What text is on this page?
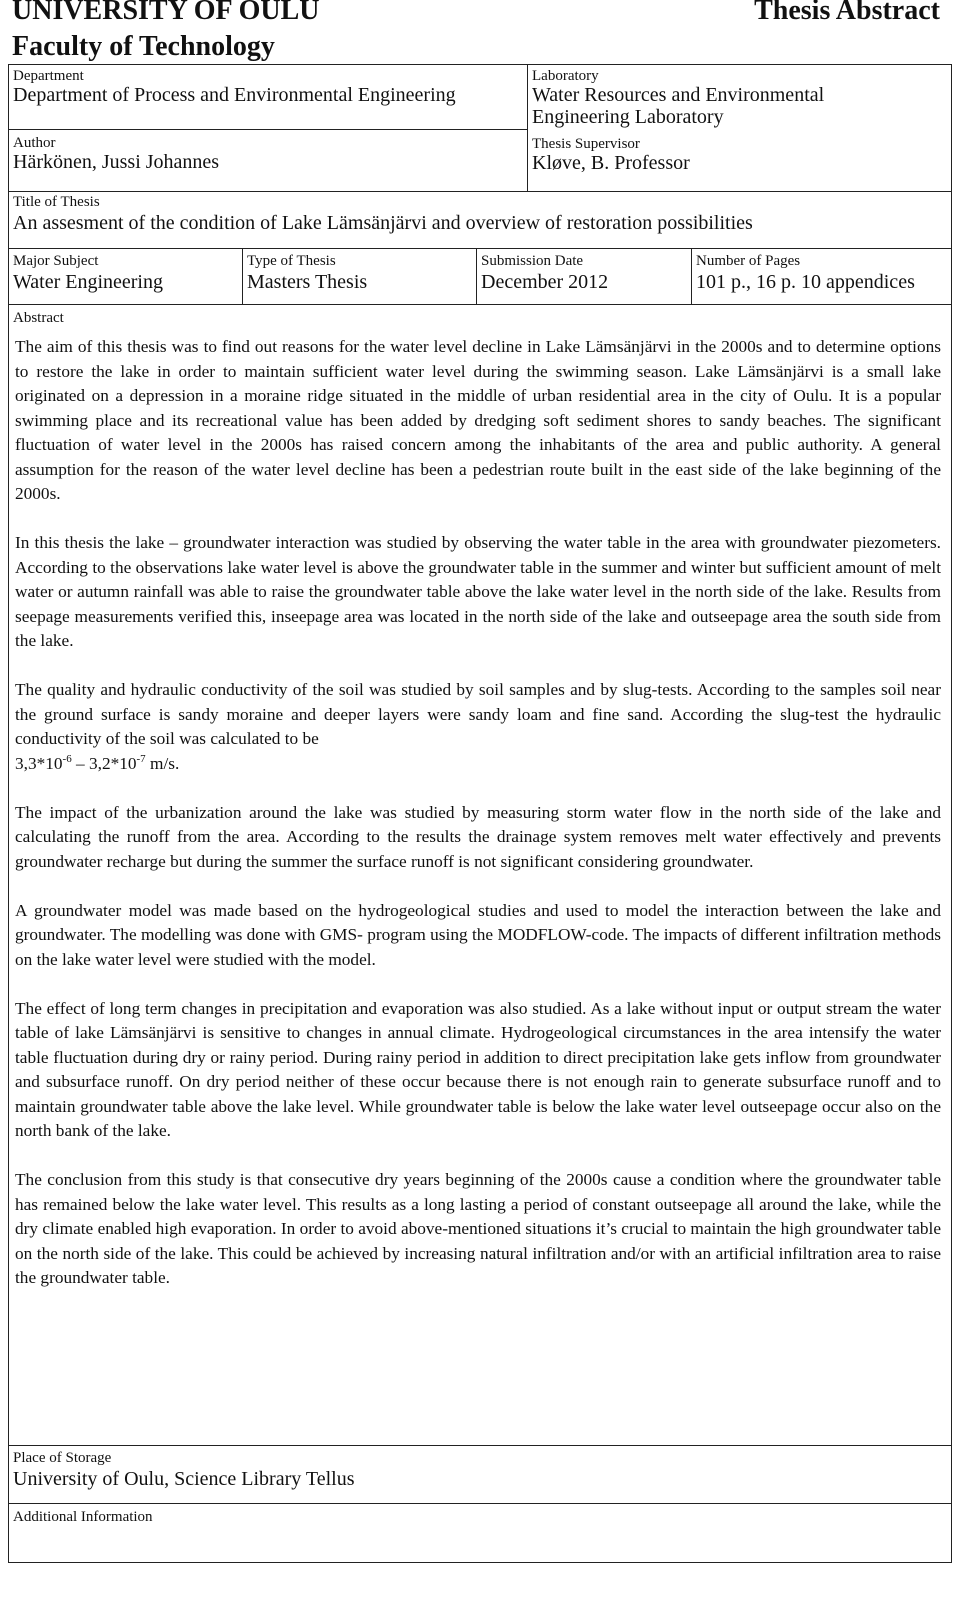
UNIVERSITY OF OULU
Faculty of Technology
Thesis Abstract
Department
Department of Process and Environmental Engineering
Author
Härkönen, Jussi Johannes
Laboratory
Water Resources and Environmental
Engineering Laboratory
Thesis Supervisor
Kløve, B. Professor
Title of Thesis
An assesment of the condition of Lake Lämsänjärvi and overview of restoration possibilities
Major Subject
Water Engineering
Type of Thesis
Masters Thesis
Submission Date
December 2012
Number of Pages
101 p., 16 p. 10 appendices
Abstract

The aim of this thesis was to find out reasons for the water level decline in Lake Lämsänjärvi in the 2000s and to determine options to restore the lake in order to maintain sufficient water level during the swimming season. Lake Lämsänjärvi is a small lake originated on a depression in a moraine ridge situated in the middle of urban residential area in the city of Oulu. It is a popular swimming place and its recreational value has been added by dredging soft sediment shores to sandy beaches. The significant fluctuation of water level in the 2000s has raised concern among the inhabitants of the area and public authority. A general assumption for the reason of the water level decline has been a pedestrian route built in the east side of the lake beginning of the 2000s.

In this thesis the lake – groundwater interaction was studied by observing the water table in the area with groundwater piezometers. According to the observations lake water level is above the groundwater table in the summer and winter but sufficient amount of melt water or autumn rainfall was able to raise the groundwater table above the lake water level in the north side of the lake. Results from seepage measurements verified this, inseepage area was located in the north side of the lake and outseepage area the south side from the lake.

The quality and hydraulic conductivity of the soil was studied by soil samples and by slug-tests. According to the samples soil near the ground surface is sandy moraine and deeper layers were sandy loam and fine sand. According the slug-test the hydraulic conductivity of the soil was calculated to be
$3,3*10^{-6} - 3,2*10^{-7}$ m/s.

The impact of the urbanization around the lake was studied by measuring storm water flow in the north side of the lake and calculating the runoff from the area. According to the results the drainage system removes melt water effectively and prevents groundwater recharge but during the summer the surface runoff is not significant considering groundwater.

A groundwater model was made based on the hydrogeological studies and used to model the interaction between the lake and groundwater. The modelling was done with GMS- program using the MODFLOW-code. The impacts of different infiltration methods on the lake water level were studied with the model.

The effect of long term changes in precipitation and evaporation was also studied. As a lake without input or output stream the water table of lake Lämsänjärvi is sensitive to changes in annual climate. Hydrogeological circumstances in the area intensify the water table fluctuation during dry or rainy period. During rainy period in addition to direct precipitation lake gets inflow from groundwater and subsurface runoff. On dry period neither of these occur because there is not enough rain to generate subsurface runoff and to maintain groundwater table above the lake level. While groundwater table is below the lake water level outseepage occur also on the north bank of the lake.

The conclusion from this study is that consecutive dry years beginning of the 2000s cause a condition where the groundwater table has remained below the lake water level. This results as a long lasting a period of constant outseepage all around the lake, while the dry climate enabled high evaporation. In order to avoid above-mentioned situations it’s crucial to maintain the high groundwater table on the north side of the lake. This could be achieved by increasing natural infiltration and/or with an artificial infiltration area to raise the groundwater table.

Place of Storage
University of Oulu, Science Library Tellus
Additional Information
